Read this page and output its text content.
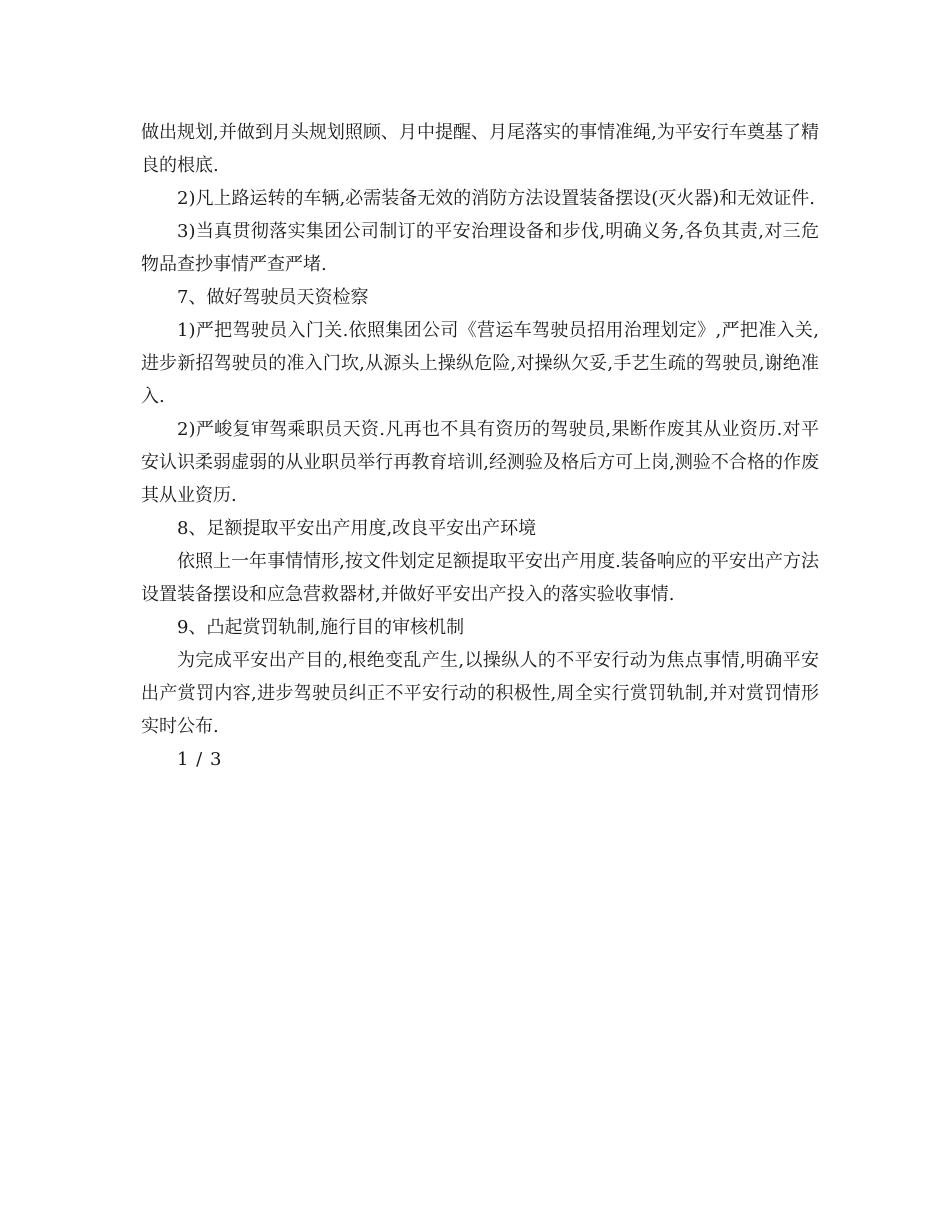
做出规划,并做到月头规划照顾、月中提醒、月尾落实的事情准绳,为平安行车奠基了精良的根底.

2)凡上路运转的车辆,必需装备无效的消防方法设置装备摆设(灭火器)和无效证件.

3)当真贯彻落实集团公司制订的平安治理设备和步伐,明确义务,各负其责,对三危物品查抄事情严查严堵.

7、做好驾驶员天资检察

1)严把驾驶员入门关.依照集团公司《营运车驾驶员招用治理划定》,严把准入关,进步新招驾驶员的准入门坎,从源头上操纵危险,对操纵欠妥,手艺生疏的驾驶员,谢绝准入.

2)严峻复审驾乘职员天资.凡再也不具有资历的驾驶员,果断作废其从业资历.对平安认识柔弱虚弱的从业职员举行再教育培训,经测验及格后方可上岗,测验不合格的作废其从业资历.

8、足额提取平安出产用度,改良平安出产环境

依照上一年事情情形,按文件划定足额提取平安出产用度.装备响应的平安出产方法设置装备摆设和应急营救器材,并做好平安出产投入的落实验收事情.

9、凸起赏罚轨制,施行目的审核机制

为完成平安出产目的,根绝变乱产生,以操纵人的不平安行动为焦点事情,明确平安出产赏罚内容,进步驾驶员纠正不平安行动的积极性,周全实行赏罚轨制,并对赏罚情形实时公布.

1 / 3
